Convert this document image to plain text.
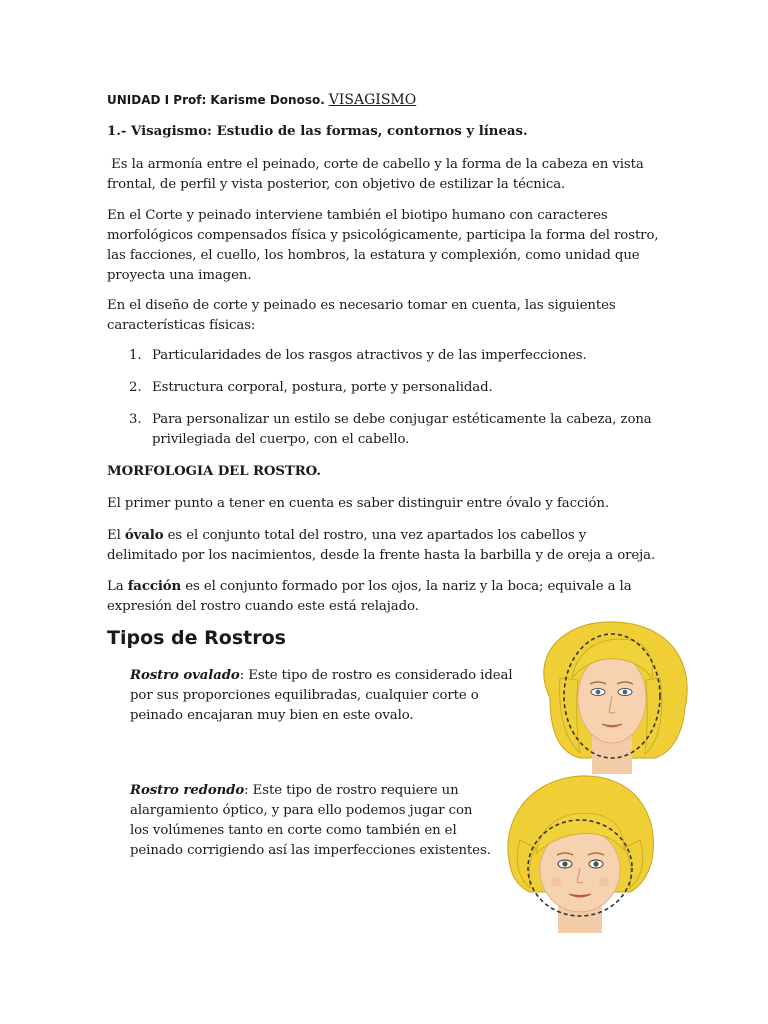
UNIDAD I Prof: Karisme Donoso. VISAGISMO
1.- Visagismo: Estudio de las formas, contornos y líneas.
Es la armonía entre el peinado, corte de cabello y la forma de la cabeza en vista
frontal, de perfil y vista posterior, con objetivo de estilizar la técnica.
En el Corte y peinado interviene también el biotipo humano con caracteres
morfológicos compensados física y psicológicamente, participa la forma del rostro,
las facciones, el cuello, los hombros, la estatura y complexión, como unidad que
proyecta una imagen.
En el diseño de corte y peinado es necesario tomar en cuenta, las siguientes
características físicas:
1. Particularidades de los rasgos atractivos y de las imperfecciones.
2. Estructura corporal, postura, porte y personalidad.
3. Para personalizar un estilo se debe conjugar estéticamente la cabeza, zona
privilegiada del cuerpo, con el cabello.
MORFOLOGIA DEL ROSTRO.
El primer punto a tener en cuenta es saber distinguir entre óvalo y facción.
El óvalo es el conjunto total del rostro, una vez apartados los cabellos y
delimitado por los nacimientos, desde la frente hasta la barbilla y de oreja a oreja.
La facción es el conjunto formado por los ojos, la nariz y la boca; equivale a la
expresión del rostro cuando este está relajado.
Tipos de Rostros
Rostro ovalado: Este tipo de rostro es considerado ideal
por sus proporciones equilibradas, cualquier corte o
peinado encajaran muy bien en este ovalo.
Rostro redondo: Este tipo de rostro requiere un
alargamiento óptico, y para ello podemos jugar con
los volúmenes tanto en corte como también en el
peinado corrigiendo así las imperfecciones existentes.
